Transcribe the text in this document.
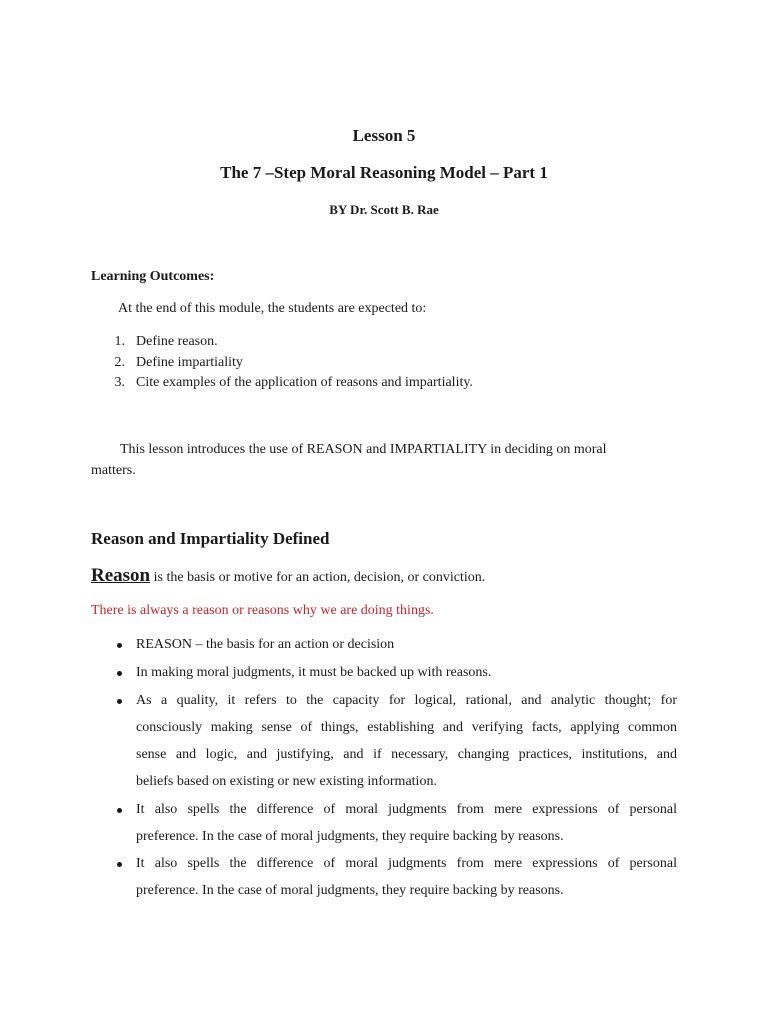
Lesson 5
The 7 –Step Moral Reasoning Model – Part 1
BY Dr. Scott B. Rae
Learning Outcomes:
At the end of this module, the students are expected to:
1. Define reason.
2. Define impartiality
3. Cite examples of the application of reasons and impartiality.
This lesson introduces the use of REASON and IMPARTIALITY in deciding on moral
matters.
Reason and Impartiality Defined
Reason is the basis or motive for an action, decision, or conviction.
There is always a reason or reasons why we are doing things.
REASON – the basis for an action or decision
In making moral judgments, it must be backed up with reasons.
As a quality, it refers to the capacity for logical, rational, and analytic thought; for
consciously making sense of things, establishing and verifying facts, applying common
sense and logic, and justifying, and if necessary, changing practices, institutions, and
beliefs based on existing or new existing information.
It also spells the difference of moral judgments from mere expressions of personal
preference. In the case of moral judgments, they require backing by reasons.
It also spells the difference of moral judgments from mere expressions of personal
preference. In the case of moral judgments, they require backing by reasons.
